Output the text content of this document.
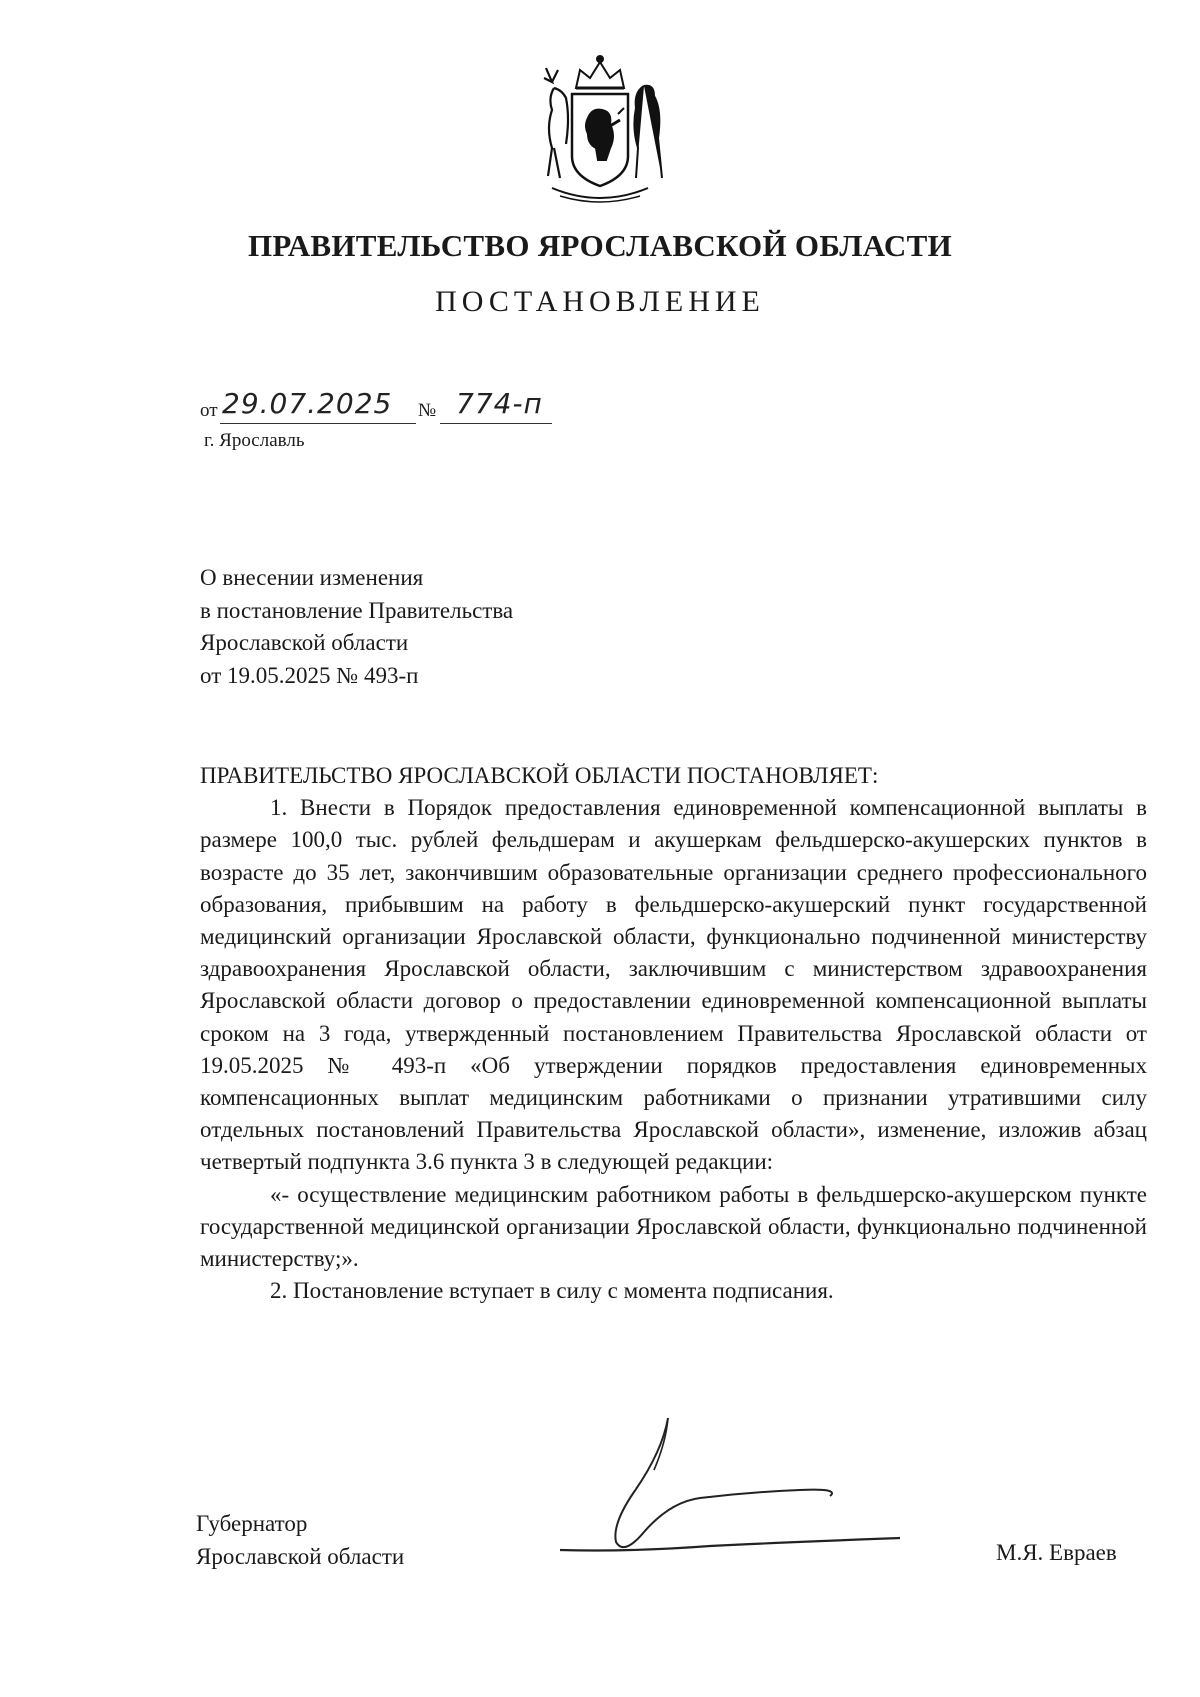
ПРАВИТЕЛЬСТВО ЯРОСЛАВСКОЙ ОБЛАСТИ
ПОСТАНОВЛЕНИЕ
от 29.07.2025 № 774-п
г. Ярославль
О внесении изменения
в постановление Правительства
Ярославской области
от 19.05.2025 № 493-п

ПРАВИТЕЛЬСТВО ЯРОСЛАВСКОЙ ОБЛАСТИ ПОСТАНОВЛЯЕТ:

1. Внести в Порядок предоставления единовременной компенсационной выплаты в размере 100,0 тыс. рублей фельдшерам и акушеркам фельдшерско-акушерских пунктов в возрасте до 35 лет, закончившим образовательные организации среднего профессионального образования, прибывшим на работу в фельдшерско-акушерский пункт государственной медицинский организации Ярославской области, функционально подчиненной министерству здравоохранения Ярославской области, заключившим с министерством здравоохранения Ярославской области договор о предоставлении единовременной компенсационной выплаты сроком на 3 года, утвержденный постановлением Правительства Ярославской области от 19.05.2025 № 493-п «Об утверждении порядков предоставления единовременных компенсационных выплат медицинским работниками о признании утратившими силу отдельных постановлений Правительства Ярославской области», изменение, изложив абзац четвертый подпункта 3.6 пункта 3 в следующей редакции:

«- осуществление медицинским работником работы в фельдшерско-акушерском пункте государственной медицинской организации Ярославской области, функционально подчиненной министерству;».

2. Постановление вступает в силу с момента подписания.

Губернатор
Ярославской области	М.Я. Евраев
